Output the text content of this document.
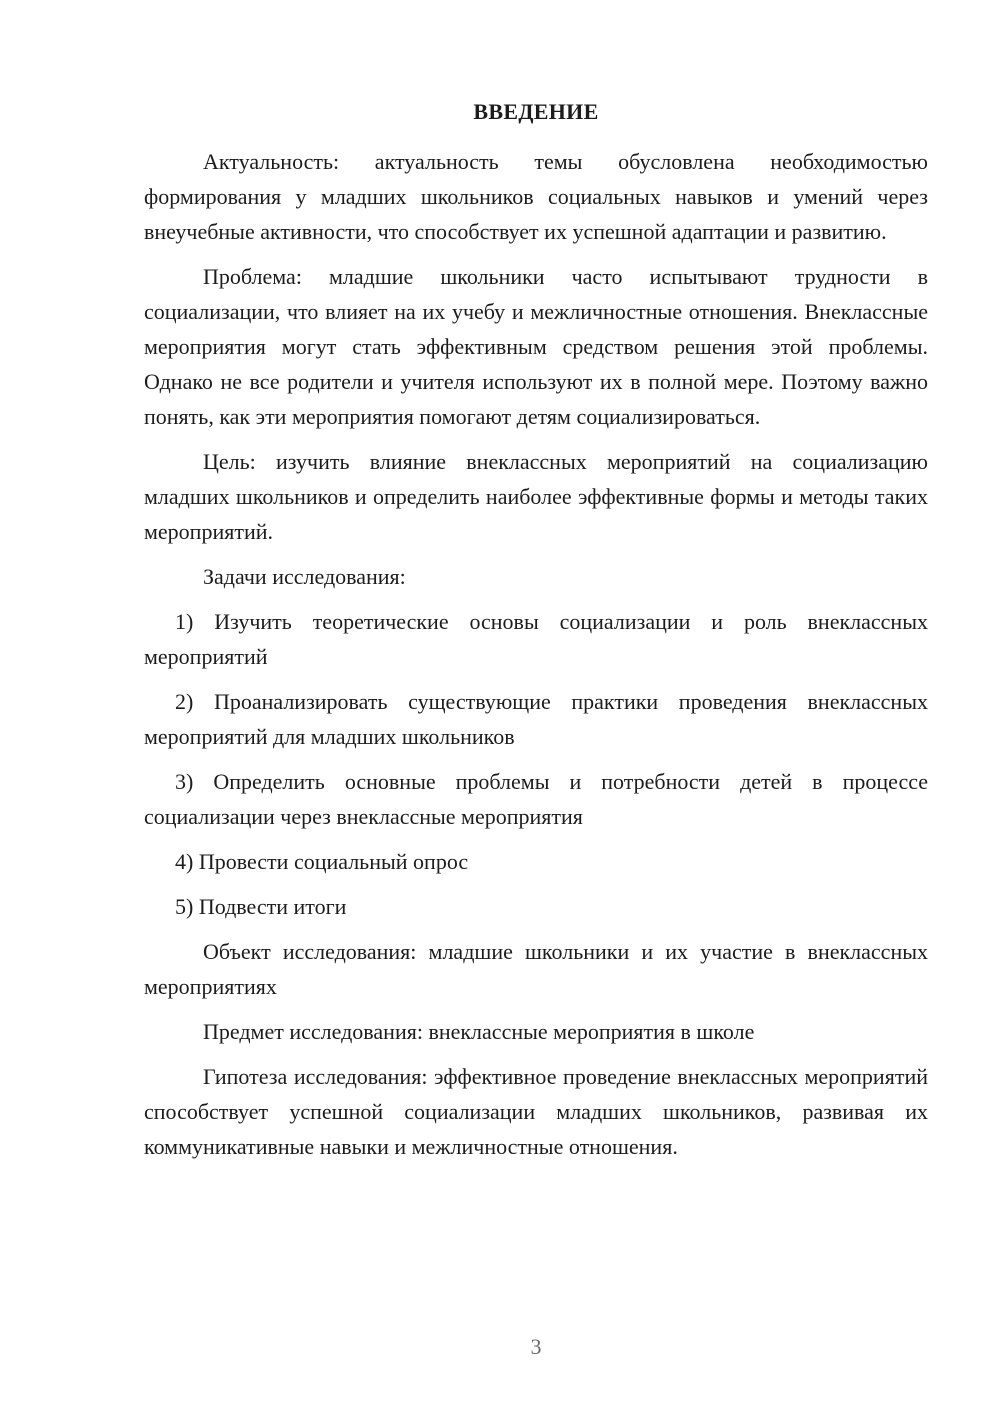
ВВЕДЕНИЕ

Актуальность: актуальность темы обусловлена необходимостью формирования у младших школьников социальных навыков и умений через внеучебные активности, что способствует их успешной адаптации и развитию.

Проблема: младшие школьники часто испытывают трудности в социализации, что влияет на их учебу и межличностные отношения. Внеклассные мероприятия могут стать эффективным средством решения этой проблемы. Однако не все родители и учителя используют их в полной мере. Поэтому важно понять, как эти мероприятия помогают детям социализироваться.

Цель: изучить влияние внеклассных мероприятий на социализацию младших школьников и определить наиболее эффективные формы и методы таких мероприятий.

Задачи исследования:

1) Изучить теоретические основы социализации и роль внеклассных мероприятий

2) Проанализировать существующие практики проведения внеклассных мероприятий для младших школьников

3) Определить основные проблемы и потребности детей в процессе социализации через внеклассные мероприятия

4) Провести социальный опрос

5) Подвести итоги

Объект исследования: младшие школьники и их участие в внеклассных мероприятиях

Предмет исследования: внеклассные мероприятия в школе

Гипотеза исследования: эффективное проведение внеклассных мероприятий способствует успешной социализации младших школьников, развивая их коммуникативные навыки и межличностные отношения.

3
